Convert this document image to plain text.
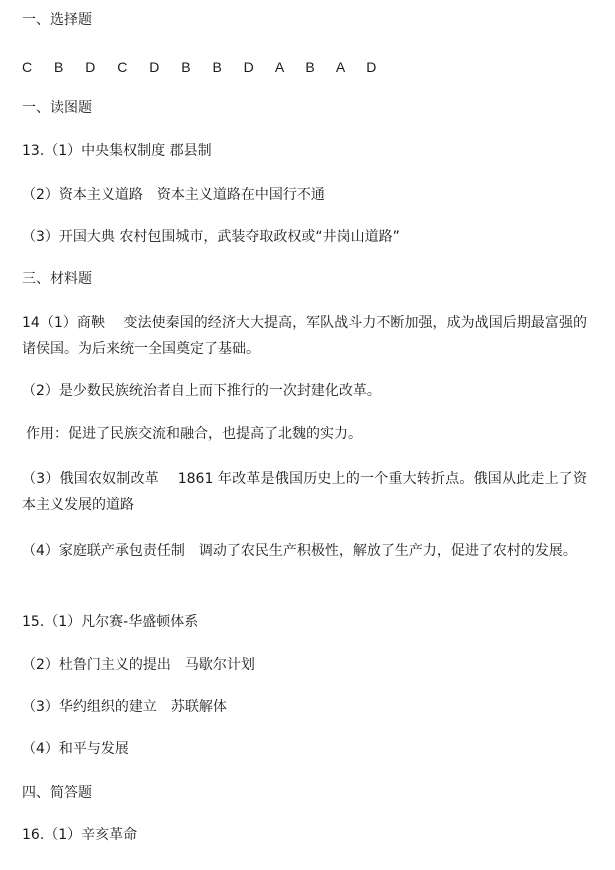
一、选择题
C B D C D B B D A B A D
一、读图题
13.（1）中央集权制度 郡县制
（2）资本主义道路　资本主义道路在中国行不通
（3）开国大典 农村包围城市，武装夺取政权或“井岗山道路”
三、材料题
14（1）商鞅　 变法使秦国的经济大大提高，军队战斗力不断加强，成为战国后期最富强的诸侯国。为后来统一全国奠定了基础。
（2）是少数民族统治者自上而下推行的一次封建化改革。
作用：促进了民族交流和融合，也提高了北魏的实力。
（3）俄国农奴制改革　 1861 年改革是俄国历史上的一个重大转折点。俄国从此走上了资本主义发展的道路
（4）家庭联产承包责任制　调动了农民生产积极性，解放了生产力，促进了农村的发展。
15.（1）凡尔赛-华盛顿体系
（2）杜鲁门主义的提出　马歇尔计划
（3）华约组织的建立　苏联解体
（4）和平与发展
四、简答题
16.（1）辛亥革命
